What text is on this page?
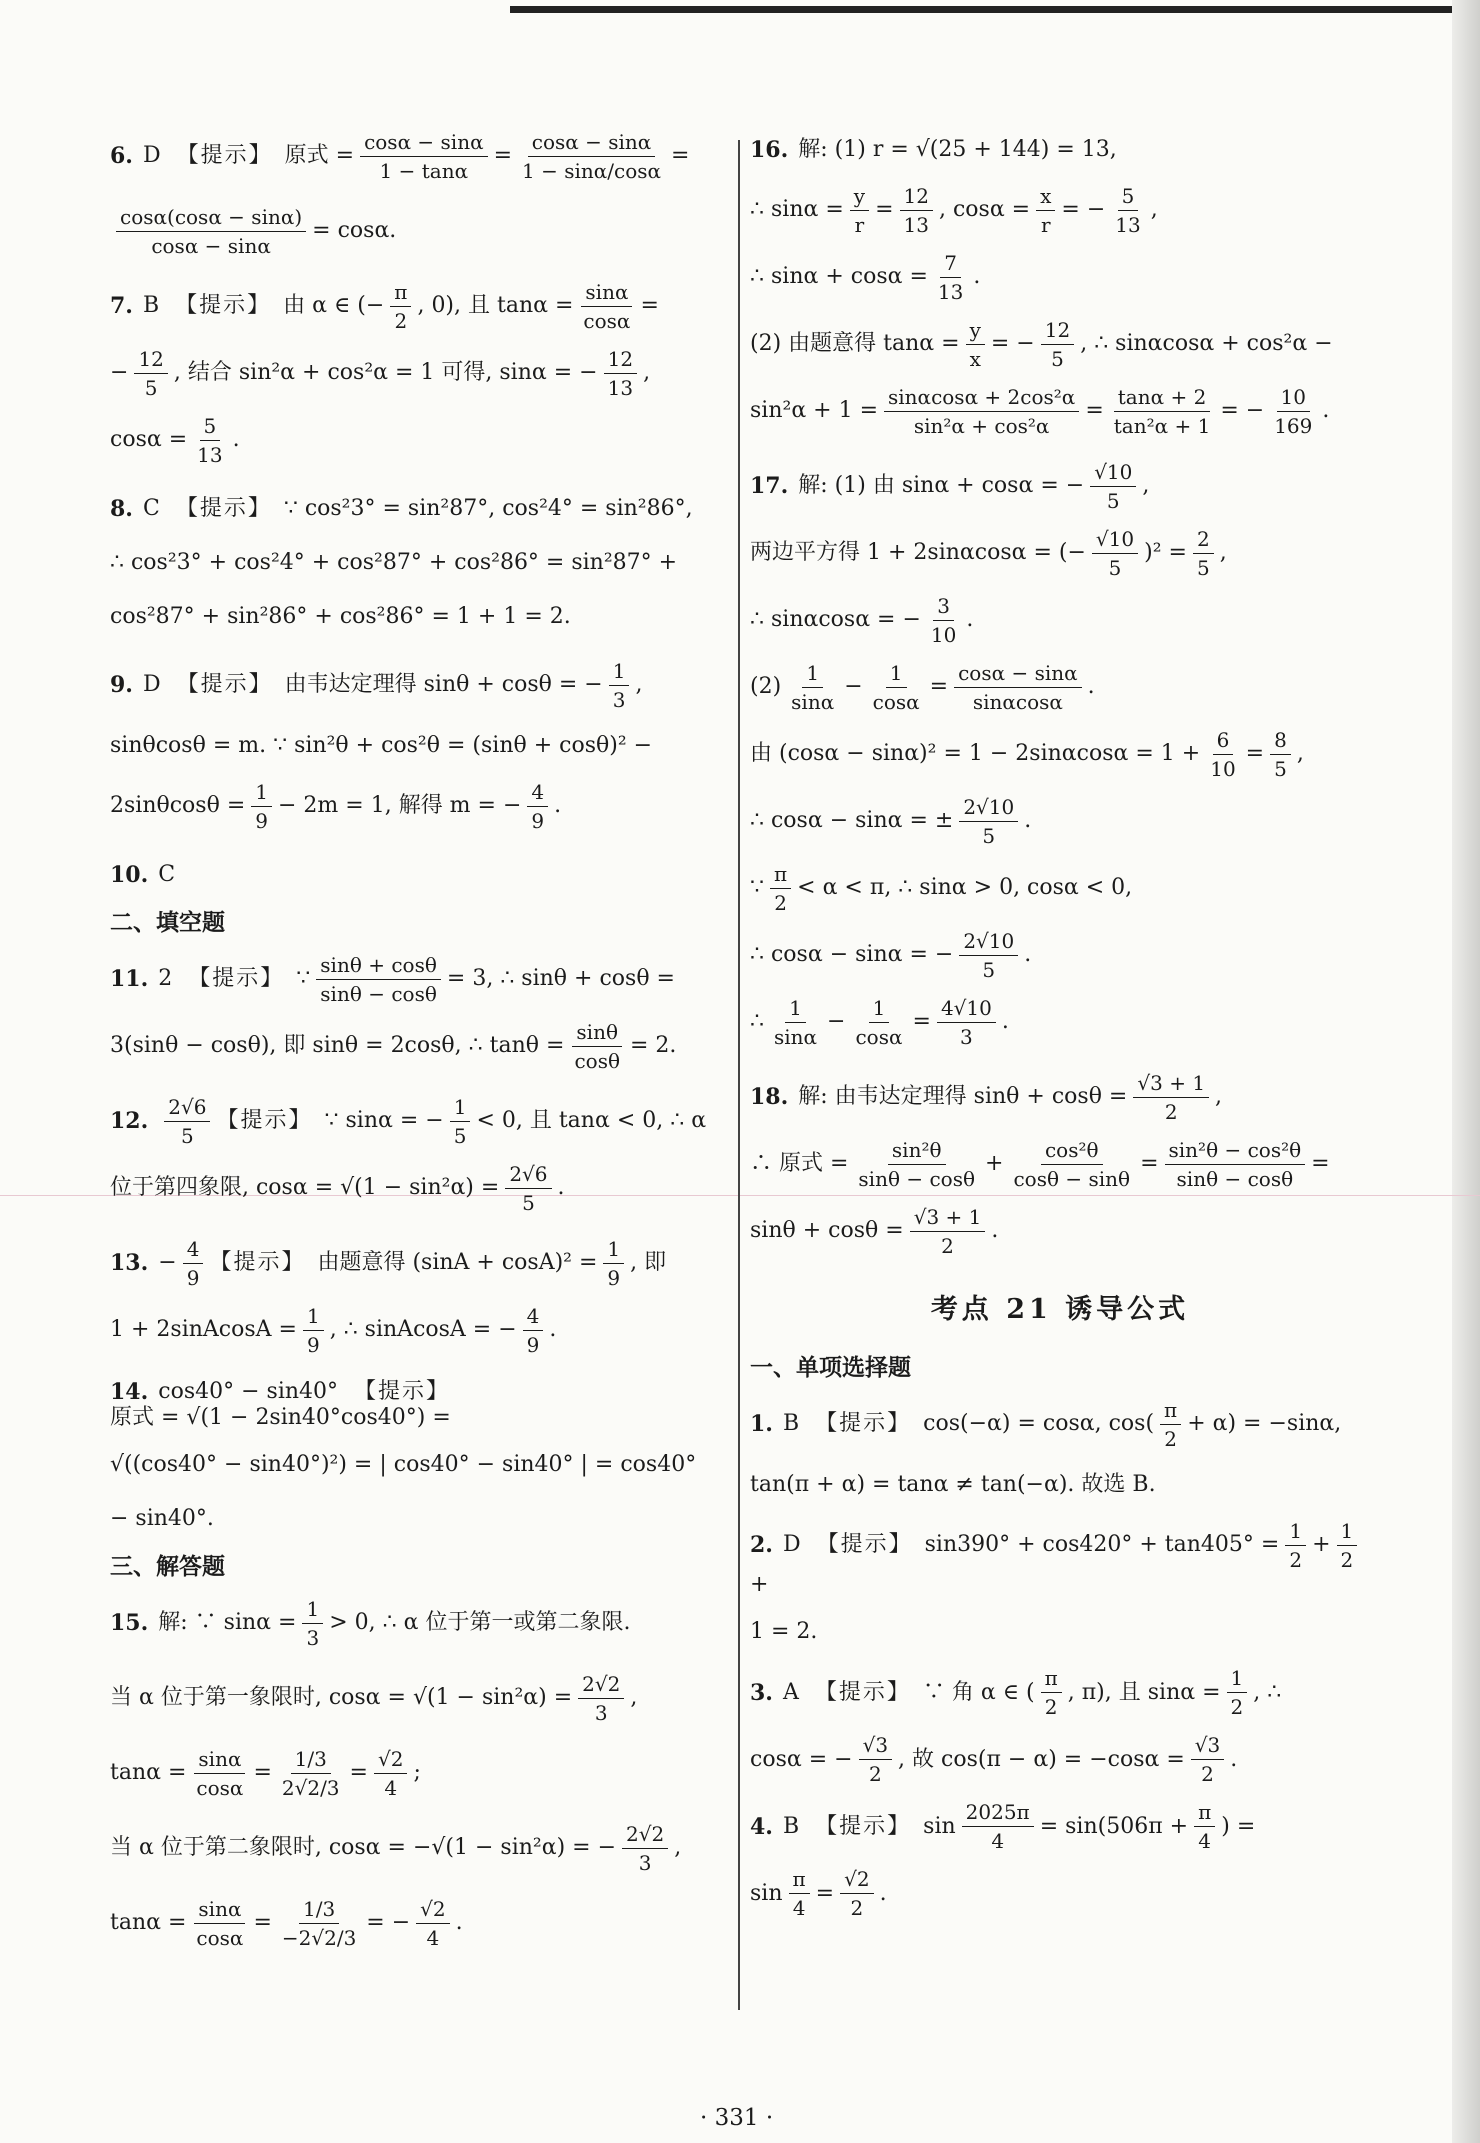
6. D 【提示】 原式 = $\frac{\cos\alpha - \sin\alpha}{1 - \tan\alpha} = \frac{\cos\alpha - \sin\alpha}{1 - \sin\alpha/\cos\alpha}$ =
$\frac{\cos\alpha(\cos\alpha - \sin\alpha)}{\cos\alpha - \sin\alpha} = \cos\alpha$.
7. B 【提示】 由 α ∈ (− $\frac{\pi}{2}$ , 0), 且 $\tan\alpha = \frac{\sin\alpha}{\cos\alpha}$ =
− $\frac{12}{5}$ , 结合 sin²α + cos²α = 1 可得, sinα = − $\frac{12}{13}$ ,
$\cos\alpha = \frac{5}{13}$ .
8. C 【提示】 ∵ cos²3° = sin²87°, cos²4° = sin²86°,
∴ cos²3° + cos²4° + cos²87° + cos²86° = sin²87° +
cos²87° + sin²86° + cos²86° = 1 + 1 = 2.
9. D 【提示】 由韦达定理得 sinθ + cosθ = − $\frac{1}{3}$ ,
sinθcosθ = m. ∵ sin²θ + cos²θ = (sinθ + cosθ)² −
$2\sin\theta\cos\theta = \frac{1}{9} - 2m = 1$, 解得 m = − $\frac{4}{9}$ .
10. C
二、填空题
11. 2 【提示】 ∵ $\frac{\sin\theta + \cos\theta}{\sin\theta - \cos\theta} = 3$, ∴ sinθ + cosθ =
3(sinθ − cosθ), 即 sinθ = 2cosθ, ∴ $\tan\theta = \frac{\sin\theta}{\cos\theta} = 2$.
12. $\frac{2√6}{5}$ 【提示】 ∵ sinα = − $\frac{1}{5} < 0$, 且 tanα < 0, ∴ α
位于第四象限, $\cos\alpha = √(1 - \sin^2\alpha) = \frac{2√6}{5}$ .
13. − $\frac{4}{9}$ 【提示】 由题意得 $(\sin A + \cos A)^2 = \frac{1}{9}$ , 即
1 + 2sinAcosA = $\frac{1}{9}$ , ∴ sinAcosA = − $\frac{4}{9}$ .
14. cos40° − sin40° 【提示】
原式 = √(1 − 2sin40°cos40°) =
√((cos40° − sin40°)²) = | cos40° − sin40° | = cos40°
− sin40°.
三、解答题
15. 解: ∵ $\sin\alpha = \frac{1}{3} > 0$, ∴ α 位于第一或第二象限.
当 α 位于第一象限时, $\cos\alpha = √(1 - \sin^2\alpha) = \frac{2√2}{3}$ ,
$\tan\alpha = \frac{\sin\alpha}{\cos\alpha} = \frac{1/3}{2√2/3} = \frac{√2}{4}$ ;
当 α 位于第二象限时, cosα = −√(1 − sin²α) = − $\frac{2√2}{3}$ ,
$\tan\alpha = \frac{\sin\alpha}{\cos\alpha} = \frac{1/3}{-2√2/3}$ = − $\frac{√2}{4}$ .
16. 解: (1) r = √(25 + 144) = 13,
∴ $\sin\alpha = \frac{y}{r} = \frac{12}{13}$ , $\cos\alpha = \frac{x}{r}$ = − $\frac{5}{13}$ ,
∴ $\sin\alpha + \cos\alpha = \frac{7}{13}$ .
(2) 由题意得 $\tan\alpha = \frac{y}{x}$ = − $\frac{12}{5}$ , ∴ sinαcosα + cos²α −
$\sin^2\alpha + 1 = \frac{\text{sinαcosα + 2cos²α}}{\text{sin²α + cos²α}} = \frac{\tan\alpha + 2}{\text{tan²α + 1}}$ = − $\frac{10}{169}$ .
17. 解: (1) 由 sinα + cosα = − $\frac{√10}{5}$ ,
两边平方得 1 + 2sinαcosα = (− $\frac{√10}{5} )^2 = \frac{2}{5}$ ,
∴ sinαcosα = − $\frac{3}{10}$ .
$(2) \frac{1}{\sin\alpha} - \frac{1}{\cos\alpha} = \frac{\cos\alpha - \sin\alpha}{\sin\alpha\cos\alpha}$ .
由 $(\cos\alpha - \sin\alpha)^2 = 1 - 2\sin\alpha\cos\alpha = 1 + \frac{6}{10} = \frac{8}{5}$ ,
∴ cosα − sinα = ± $\frac{2√10}{5}$ .
∵ $\frac{\pi}{2} < \alpha < \pi$, ∴ sinα > 0, cosα < 0,
∴ cosα − sinα = − $\frac{2√10}{5}$ .
∴ $\frac{1}{\sin\alpha} - \frac{1}{\cos\alpha} = \frac{4√10}{3}$ .
18. 解: 由韦达定理得 $\sin\theta + \cos\theta = \frac{√3 + 1}{2}$ ,
∴ 原式 = $\frac{\text{sin²θ}}{\sin\theta - \cos\theta} + \frac{\text{cos²θ}}{\cos\theta - \sin\theta} = \frac{\text{sin²θ − cos²θ}}{\sin\theta - \cos\theta}$ =
$\sin\theta + \cos\theta = \frac{√3 + 1}{2}$ .
考点 21 诱导公式
一、单项选择题
1. B 【提示】 cos(−α) = cosα, $\cos( \frac{\pi}{2} + \alpha) = -\sin\alpha$,
tan(π + α) = tanα ≠ tan(−α). 故选 B.
2. D 【提示】 $\sin 390^\circ + \cos 420^\circ + \tan 405^\circ = \frac{1}{2} + \frac{1}{2}$
+
1 = 2.
3. A 【提示】 ∵ 角 α ∈ ( $\frac{\pi}{2}$ , π), 且 $\sin\alpha = \frac{1}{2}$ , ∴
cosα = − $\frac{√3}{2}$ , 故 $\cos(\pi - \alpha) = -\cos\alpha = \frac{√3}{2}$ .
4. B 【提示】 $\sin \frac{2025\pi}{4} = \sin(506\pi + \frac{\pi}{4}$ ) =
$\sin \frac{\pi}{4} = \frac{√2}{2}$ .
· 331 ·
